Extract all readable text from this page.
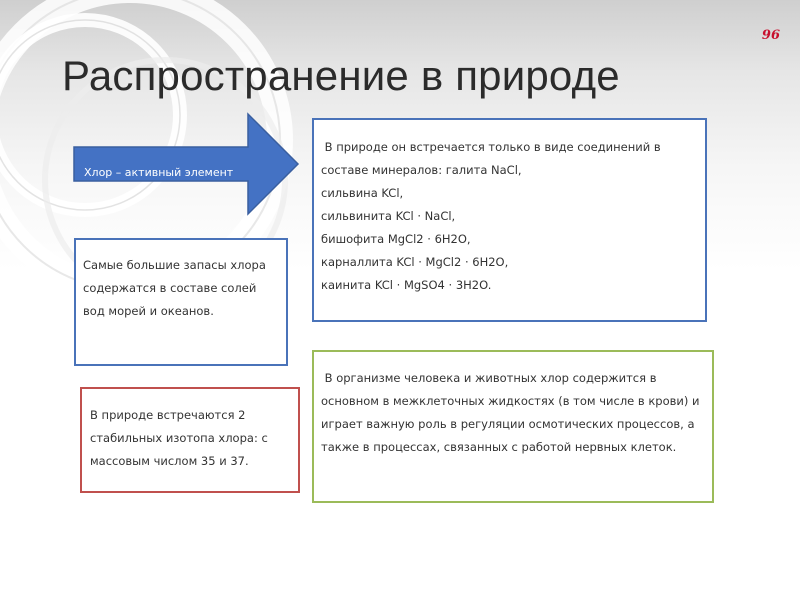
96
Распространение в природе
Хлор – активный элемент

В природе он встречается только в виде соединений в

составе минералов: галита NaCl,

сильвина KCl,

сильвинита KCl · NaCl,

бишофита MgCl2 · 6H2O,

карналлита KCl · MgCl2 · 6H2O,

каинита KCl · MgSO4 · 3H2O.

Самые большие запасы хлора

содержатся в составе солей

вод морей и океанов.

В природе встречаются 2

стабильных изотопа хлора: с

массовым числом 35 и 37.

В организме человека и животных хлор содержится в

основном в межклеточных жидкостях (в том числе в крови) и

играет важную роль в регуляции осмотических процессов, а

также в процессах, связанных с работой нервных клеток.
